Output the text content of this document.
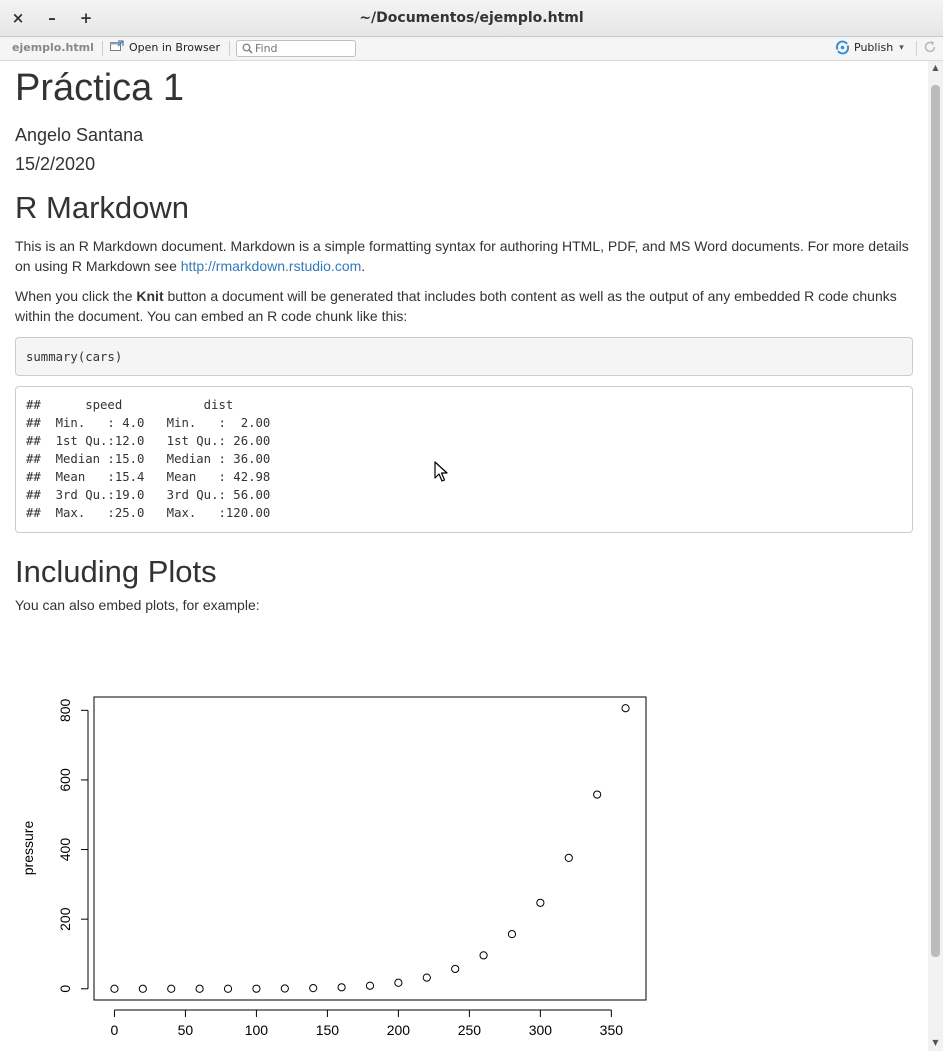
×	–	+	~/Documentos/ejemplo.html
ejemplo.html	Open in Browser
Find	Publish ▾
▲
▼
Práctica 1

Angelo Santana

15/2/2020

R Markdown

This is an R Markdown document. Markdown is a simple formatting syntax for authoring HTML, PDF, and MS Word documents. For more details on using R Markdown see http://rmarkdown.rstudio.com.

When you click the Knit button a document will be generated that includes both content as well as the output of any embedded R code chunks within the document. You can embed an R code chunk like this:

summary(cars)
##      speed           dist
##  Min.   : 4.0   Min.   :  2.00
##  1st Qu.:12.0   1st Qu.: 26.00
##  Median :15.0   Median : 36.00
##  Mean   :15.4   Mean   : 42.98
##  3rd Qu.:19.0   3rd Qu.: 56.00
##  Max.   :25.0   Max.   :120.00
Including Plots

You can also embed plots, for example:

0	50	100	150	200	250	300	350
0
200
400
600
800
pressure
